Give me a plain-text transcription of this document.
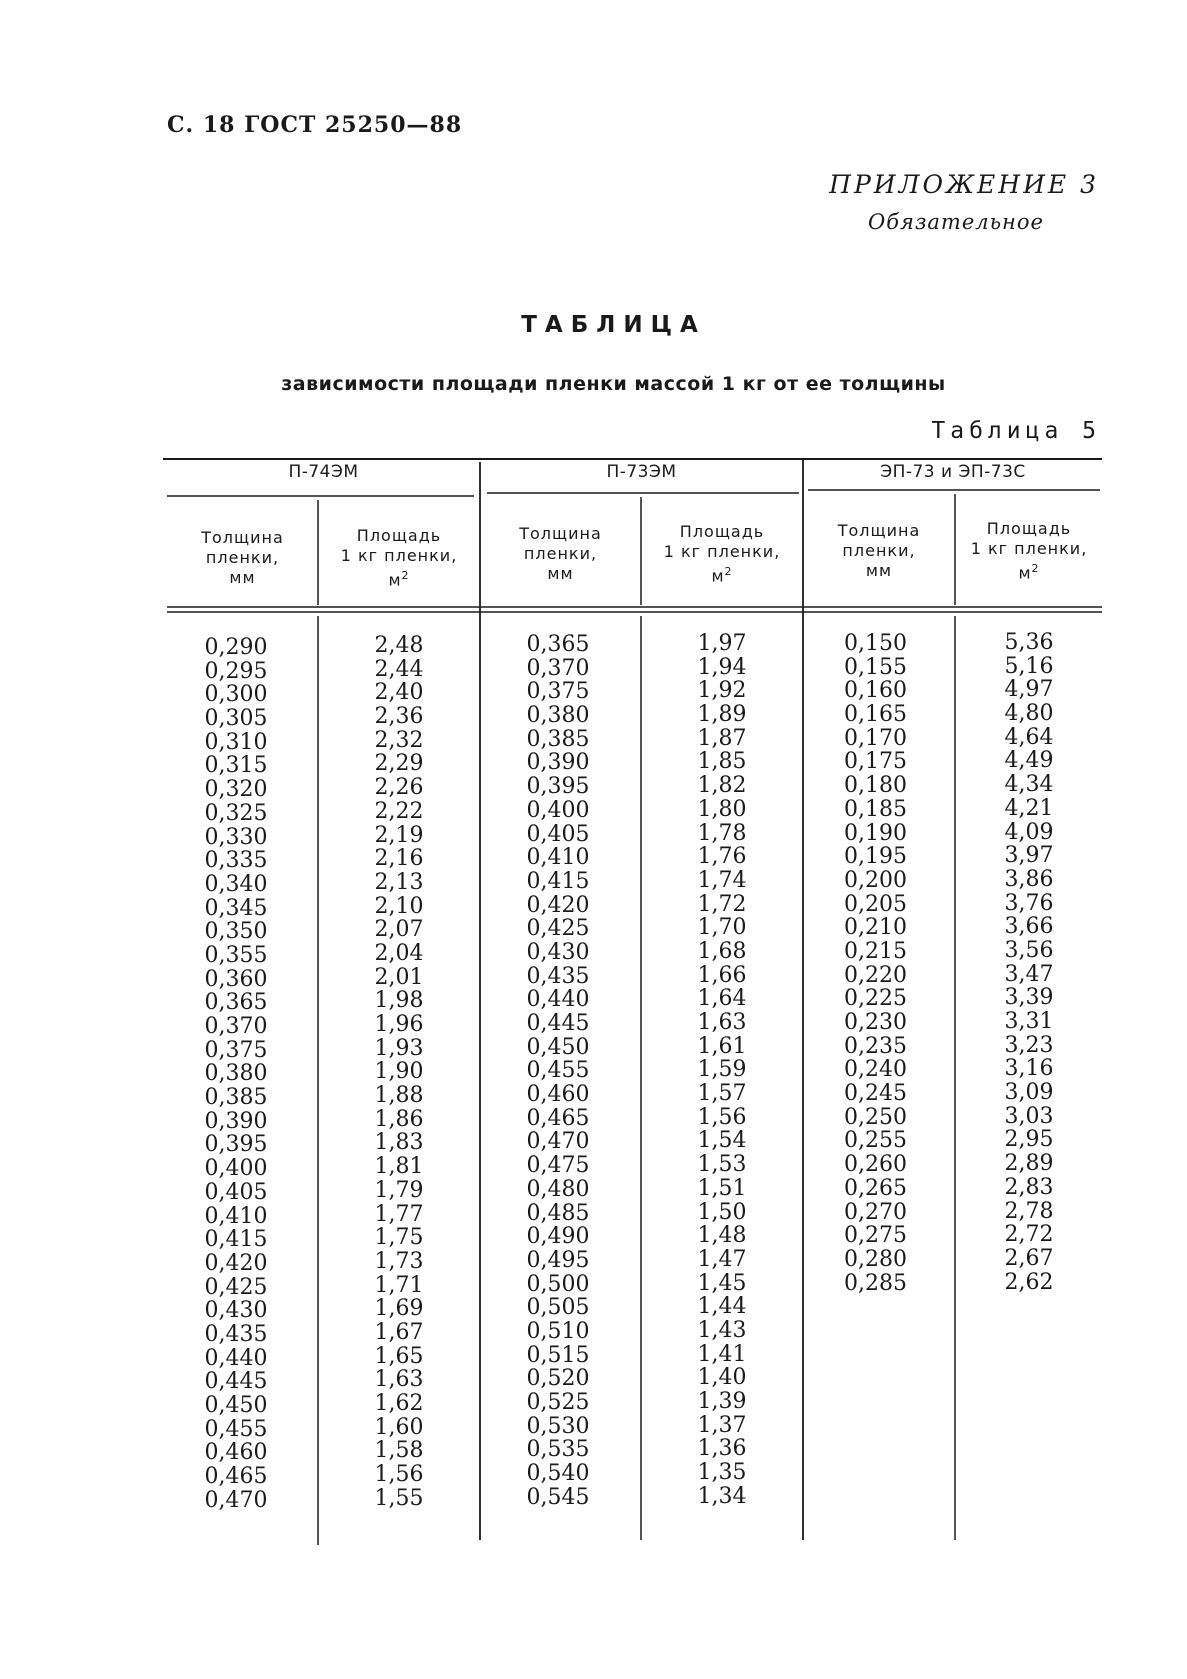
С. 18 ГОСТ 25250—88
ПРИЛОЖЕНИЕ 3
Обязательное
ТАБЛИЦА
зависимости площади пленки массой 1 кг от ее толщины
Таблица 5
П-74ЭМ	П-73ЭМ	ЭП-73 и ЭП-73С
Толщина
пленки,
мм
Площадь
1 кг пленки,
$м^2$
Толщина
пленки,
мм
Площадь
1 кг пленки,
$м^2$
Толщина
пленки,
мм
Площадь
1 кг пленки,
$м^2$
0,290
0,295
0,300
0,305
0,310
0,315
0,320
0,325
0,330
0,335
0,340
0,345
0,350
0,355
0,360
0,365
0,370
0,375
0,380
0,385
0,390
0,395
0,400
0,405
0,410
0,415
0,420
0,425
0,430
0,435
0,440
0,445
0,450
0,455
0,460
0,465
0,470
2,48
2,44
2,40
2,36
2,32
2,29
2,26
2,22
2,19
2,16
2,13
2,10
2,07
2,04
2,01
1,98
1,96
1,93
1,90
1,88
1,86
1,83
1,81
1,79
1,77
1,75
1,73
1,71
1,69
1,67
1,65
1,63
1,62
1,60
1,58
1,56
1,55
0,365
0,370
0,375
0,380
0,385
0,390
0,395
0,400
0,405
0,410
0,415
0,420
0,425
0,430
0,435
0,440
0,445
0,450
0,455
0,460
0,465
0,470
0,475
0,480
0,485
0,490
0,495
0,500
0,505
0,510
0,515
0,520
0,525
0,530
0,535
0,540
0,545
1,97
1,94
1,92
1,89
1,87
1,85
1,82
1,80
1,78
1,76
1,74
1,72
1,70
1,68
1,66
1,64
1,63
1,61
1,59
1,57
1,56
1,54
1,53
1,51
1,50
1,48
1,47
1,45
1,44
1,43
1,41
1,40
1,39
1,37
1,36
1,35
1,34
0,150
0,155
0,160
0,165
0,170
0,175
0,180
0,185
0,190
0,195
0,200
0,205
0,210
0,215
0,220
0,225
0,230
0,235
0,240
0,245
0,250
0,255
0,260
0,265
0,270
0,275
0,280
0,285
5,36
5,16
4,97
4,80
4,64
4,49
4,34
4,21
4,09
3,97
3,86
3,76
3,66
3,56
3,47
3,39
3,31
3,23
3,16
3,09
3,03
2,95
2,89
2,83
2,78
2,72
2,67
2,62
